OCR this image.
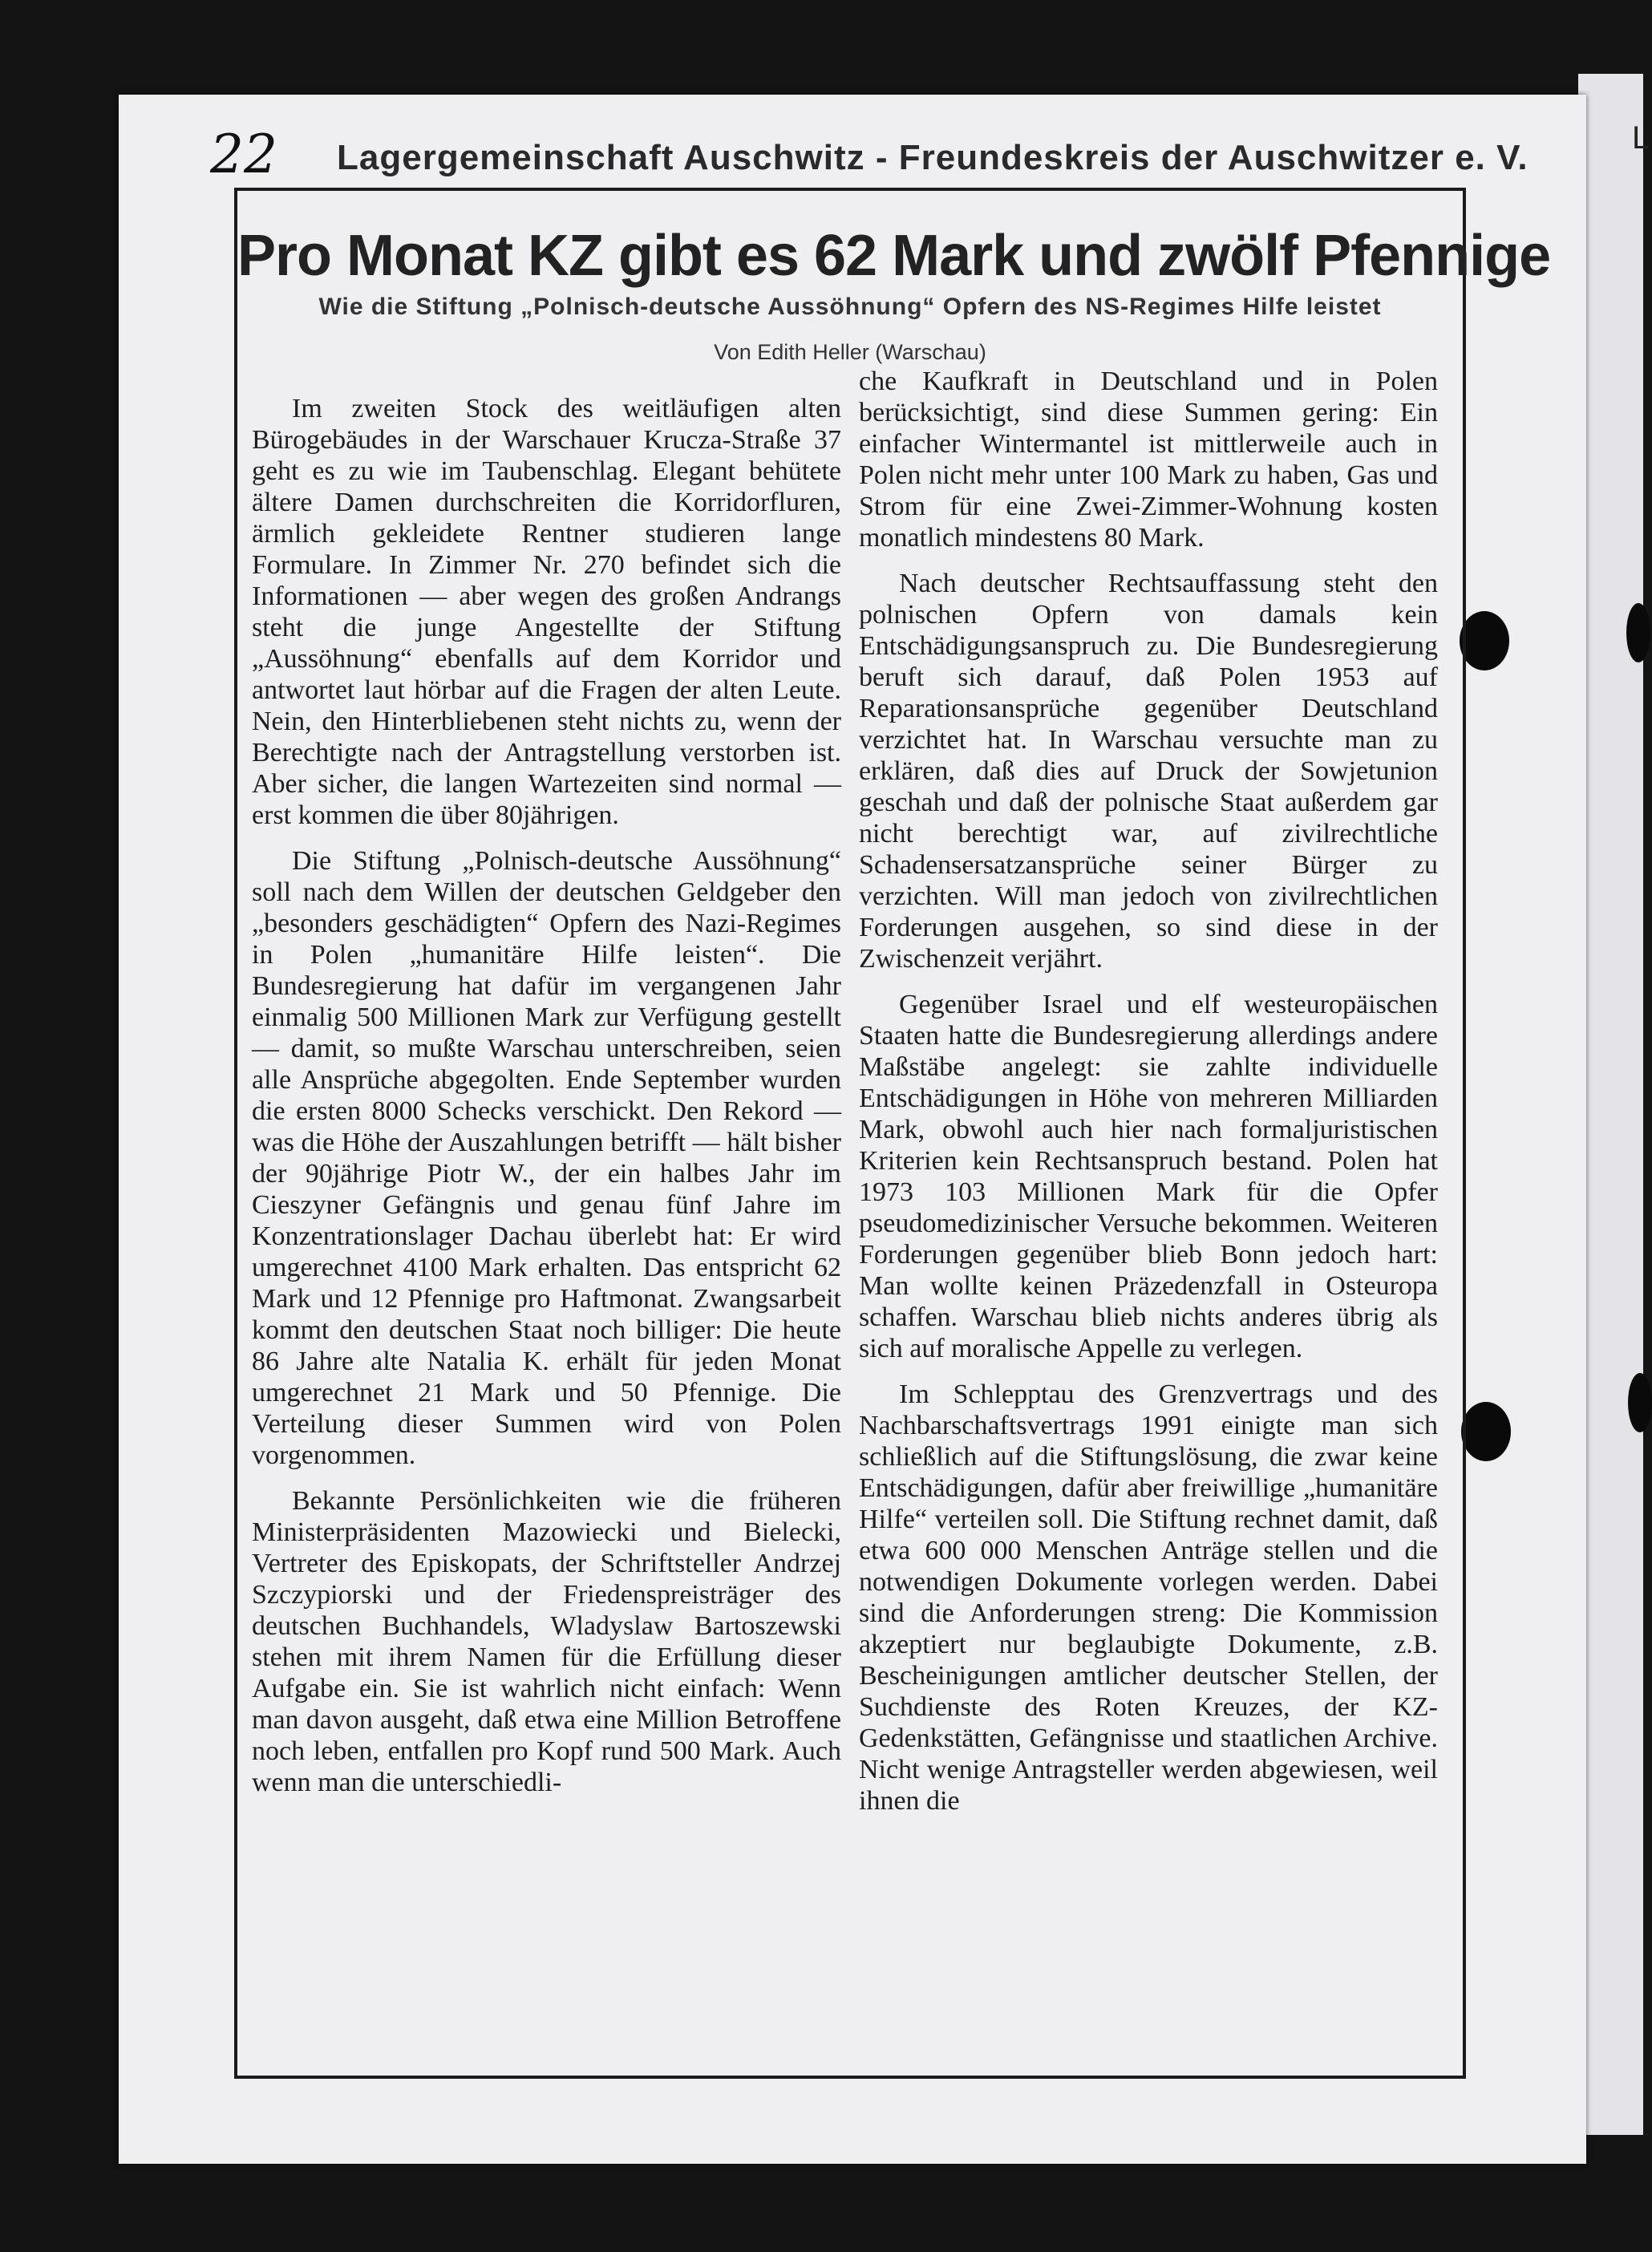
L
22 Lagergemeinschaft Auschwitz - Freundeskreis der Auschwitzer e. V.
Pro Monat KZ gibt es 62 Mark und zwölf Pfennige
Wie die Stiftung „Polnisch-deutsche Aussöhnung“ Opfern des NS-Regimes Hilfe leistet
Von Edith Heller (Warschau)

Im zweiten Stock des weitläufigen alten Bürogebäudes in der Warschauer Krucza-Straße 37 geht es zu wie im Taubenschlag. Elegant behütete ältere Damen durchschreiten die Korridorfluren, ärmlich gekleidete Rentner studieren lange Formulare. In Zimmer Nr. 270 befindet sich die Informationen — aber wegen des großen Andrangs steht die junge Angestellte der Stiftung „Aussöhnung“ ebenfalls auf dem Korridor und antwortet laut hörbar auf die Fragen der alten Leute. Nein, den Hinterbliebenen steht nichts zu, wenn der Berechtigte nach der Antragstellung verstorben ist. Aber sicher, die langen Wartezeiten sind normal — erst kommen die über 80jährigen.

Die Stiftung „Polnisch-deutsche Aussöhnung“ soll nach dem Willen der deutschen Geldgeber den „besonders geschädigten“ Opfern des Nazi-Regimes in Polen „humanitäre Hilfe leisten“. Die Bundesregierung hat dafür im vergangenen Jahr einmalig 500 Millionen Mark zur Verfügung gestellt — damit, so mußte Warschau unterschreiben, seien alle Ansprüche abgegolten. Ende September wurden die ersten 8000 Schecks verschickt. Den Rekord — was die Höhe der Auszahlungen betrifft — hält bisher der 90jährige Piotr W., der ein halbes Jahr im Cieszyner Gefängnis und genau fünf Jahre im Konzentrationslager Dachau überlebt hat: Er wird umgerechnet 4100 Mark erhalten. Das entspricht 62 Mark und 12 Pfennige pro Haftmonat. Zwangsarbeit kommt den deutschen Staat noch billiger: Die heute 86 Jahre alte Natalia K. erhält für jeden Monat umgerechnet 21 Mark und 50 Pfennige. Die Verteilung dieser Summen wird von Polen vorgenommen.

Bekannte Persönlichkeiten wie die früheren Ministerpräsidenten Mazowiecki und Bielecki, Vertreter des Episkopats, der Schriftsteller Andrzej Szczypiorski und der Friedenspreisträger des deutschen Buchhandels, Wladyslaw Bartoszewski stehen mit ihrem Namen für die Erfüllung dieser Aufgabe ein. Sie ist wahrlich nicht einfach: Wenn man davon ausgeht, daß etwa eine Million Betroffene noch leben, entfallen pro Kopf rund 500 Mark. Auch wenn man die unterschiedli-

che Kaufkraft in Deutschland und in Polen berücksichtigt, sind diese Summen gering: Ein einfacher Wintermantel ist mittlerweile auch in Polen nicht mehr unter 100 Mark zu haben, Gas und Strom für eine Zwei-Zimmer-Wohnung kosten monatlich mindestens 80 Mark.

Nach deutscher Rechtsauffassung steht den polnischen Opfern von damals kein Entschädigungsanspruch zu. Die Bundesregierung beruft sich darauf, daß Polen 1953 auf Reparationsansprüche gegenüber Deutschland verzichtet hat. In Warschau versuchte man zu erklären, daß dies auf Druck der Sowjetunion geschah und daß der polnische Staat außerdem gar nicht berechtigt war, auf zivilrechtliche Schadensersatzansprüche seiner Bürger zu verzichten. Will man jedoch von zivilrechtlichen Forderungen ausgehen, so sind diese in der Zwischenzeit verjährt.

Gegenüber Israel und elf westeuropäischen Staaten hatte die Bundesregierung allerdings andere Maßstäbe angelegt: sie zahlte individuelle Entschädigungen in Höhe von mehreren Milliarden Mark, obwohl auch hier nach formaljuristischen Kriterien kein Rechtsanspruch bestand. Polen hat 1973 103 Millionen Mark für die Opfer pseudomedizinischer Versuche bekommen. Weiteren Forderungen gegenüber blieb Bonn jedoch hart: Man wollte keinen Präzedenzfall in Osteuropa schaffen. Warschau blieb nichts anderes übrig als sich auf moralische Appelle zu verlegen.

Im Schlepptau des Grenzvertrags und des Nachbarschaftsvertrags 1991 einigte man sich schließlich auf die Stiftungslösung, die zwar keine Entschädigungen, dafür aber freiwillige „humanitäre Hilfe“ verteilen soll. Die Stiftung rechnet damit, daß etwa 600 000 Menschen Anträge stellen und die notwendigen Dokumente vorlegen werden. Dabei sind die Anforderungen streng: Die Kommission akzeptiert nur beglaubigte Dokumente, z.B. Bescheinigungen amtlicher deutscher Stellen, der Suchdienste des Roten Kreuzes, der KZ-Gedenkstätten, Gefängnisse und staatlichen Archive. Nicht wenige Antragsteller werden abgewiesen, weil ihnen die
